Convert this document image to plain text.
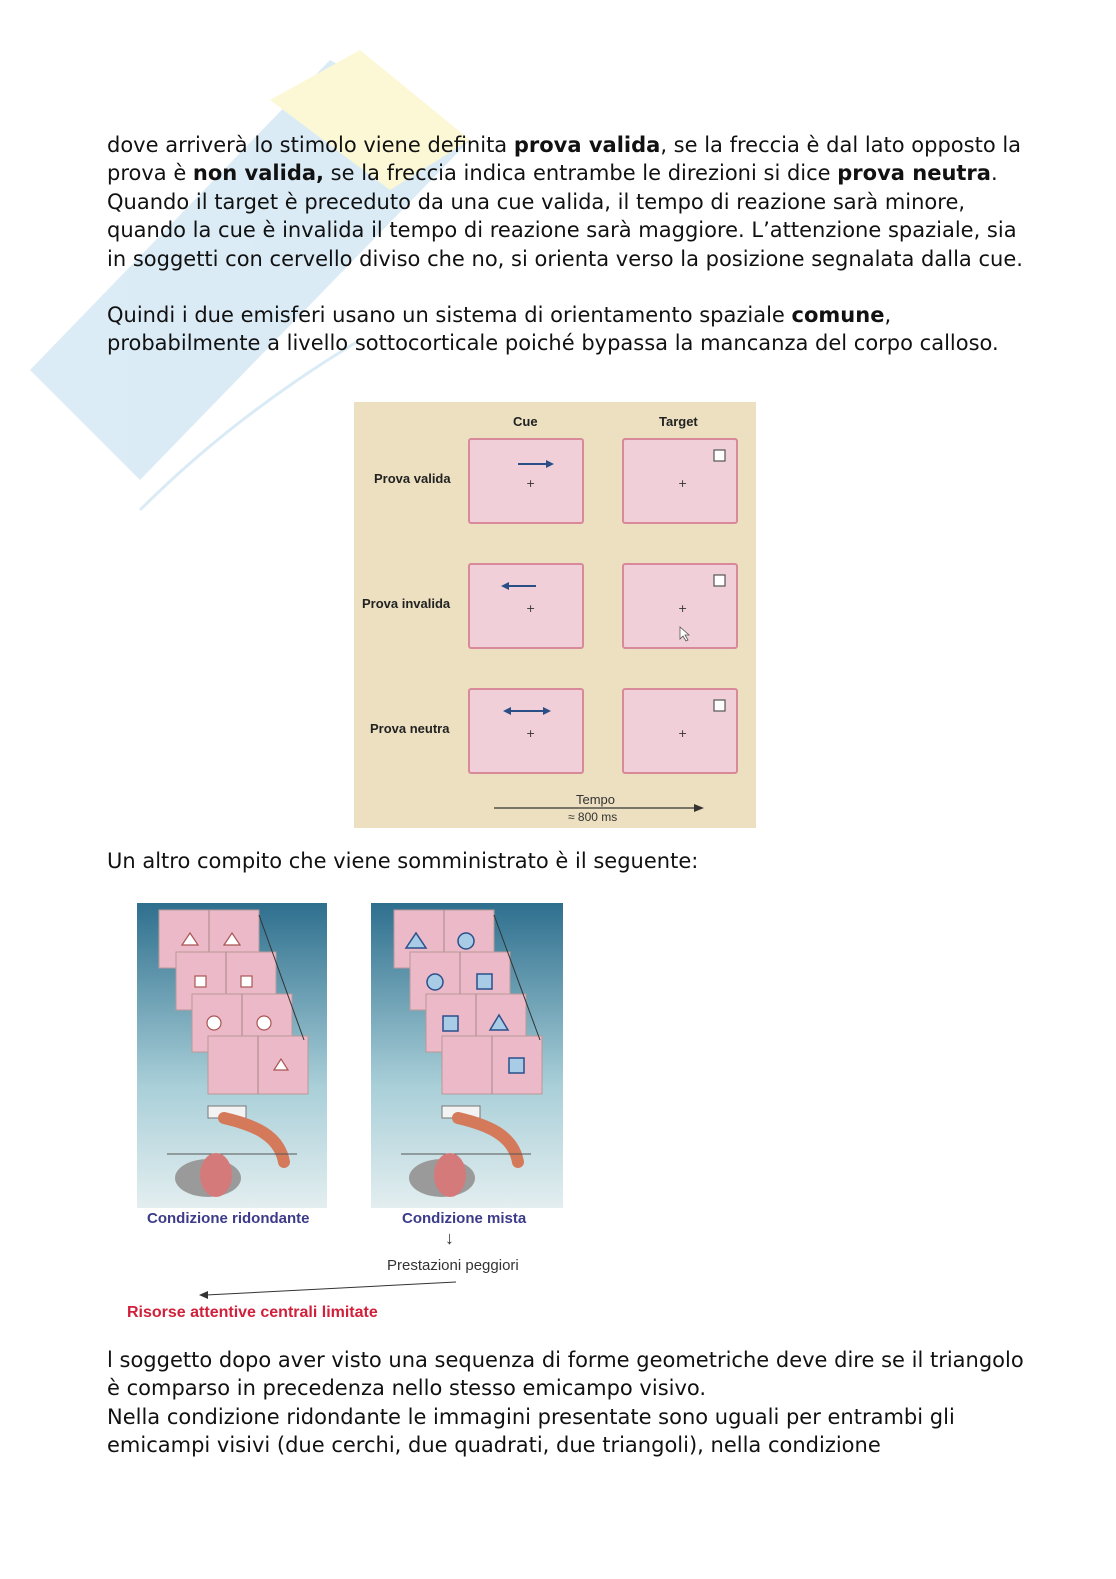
dove arriverà lo stimolo viene definita prova valida, se la freccia è dal lato opposto la prova è non valida, se la freccia indica entrambe le direzioni si dice prova neutra. Quando il target è preceduto da una cue valida, il tempo di reazione sarà minore, quando la cue è invalida il tempo di reazione sarà maggiore. L’attenzione spaziale, sia in soggetti con cervello diviso che no, si orienta verso la posizione segnalata dalla cue.

Quindi i due emisferi usano un sistema di orientamento spaziale comune, probabilmente a livello sottocorticale poiché bypassa la mancanza del corpo calloso.

Cue	Target
Prova valida
Prova invalida
Prova neutra
+	+
+	+
+	+
Tempo
≈ 800 ms

Un altro compito che viene somministrato è il seguente:

Condizione ridondante	Condizione mista
↓
Prestazioni peggiori
Risorse attentive centrali limitate

l soggetto dopo aver visto una sequenza di forme geometriche deve dire se il triangolo è comparso in precedenza nello stesso emicampo visivo.

Nella condizione ridondante le immagini presentate sono uguali per entrambi gli emicampi visivi (due cerchi, due quadrati, due triangoli), nella condizione
